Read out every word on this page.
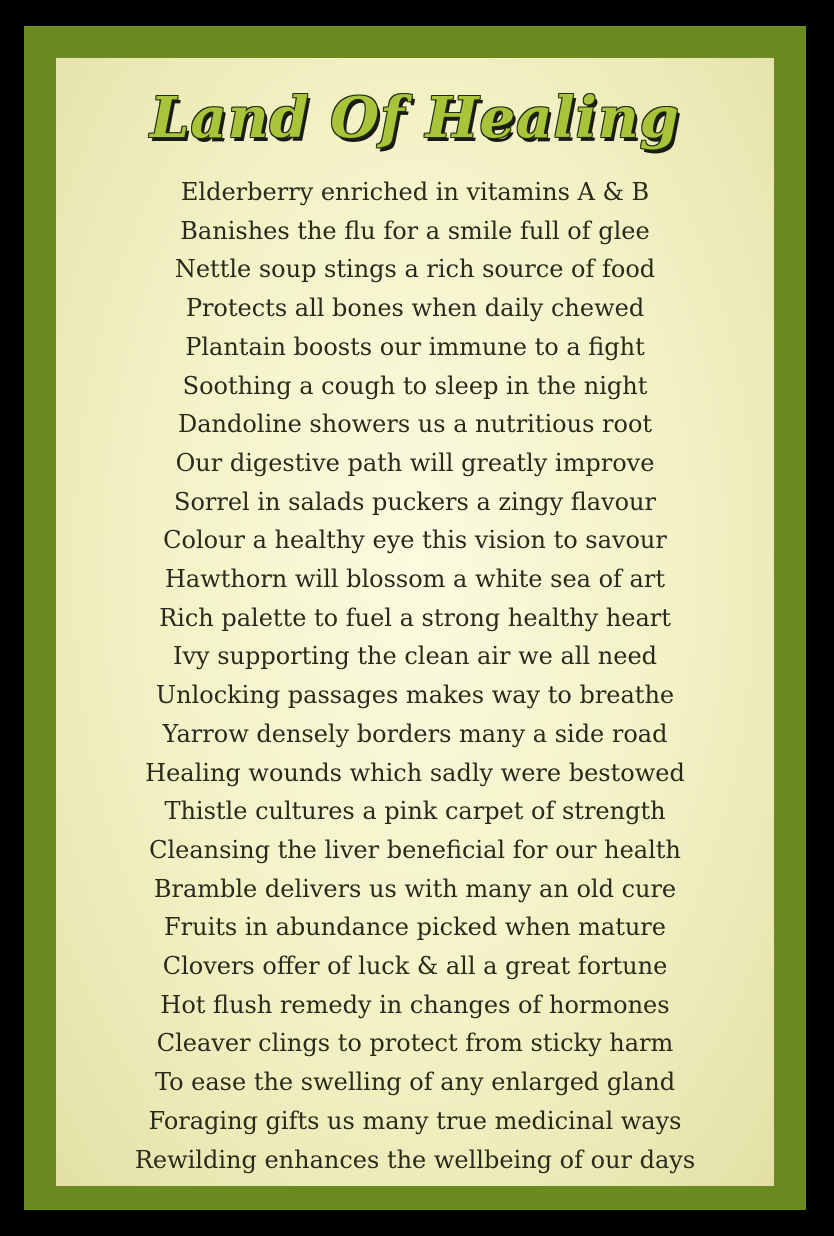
Land Of Healing
Elderberry enriched in vitamins A & B
Banishes the flu for a smile full of glee
Nettle soup stings a rich source of food
Protects all bones when daily chewed
Plantain boosts our immune to a fight
Soothing a cough to sleep in the night
Dandoline showers us a nutritious root
Our digestive path will greatly improve
Sorrel in salads puckers a zingy flavour
Colour a healthy eye this vision to savour
Hawthorn will blossom a white sea of art
Rich palette to fuel a strong healthy heart
Ivy supporting the clean air we all need
Unlocking passages makes way to breathe
Yarrow densely borders many a side road
Healing wounds which sadly were bestowed
Thistle cultures a pink carpet of strength
Cleansing the liver beneficial for our health
Bramble delivers us with many an old cure
Fruits in abundance picked when mature
Clovers offer of luck & all a great fortune
Hot flush remedy in changes of hormones
Cleaver clings to protect from sticky harm
To ease the swelling of any enlarged gland
Foraging gifts us many true medicinal ways
Rewilding enhances the wellbeing of our days
